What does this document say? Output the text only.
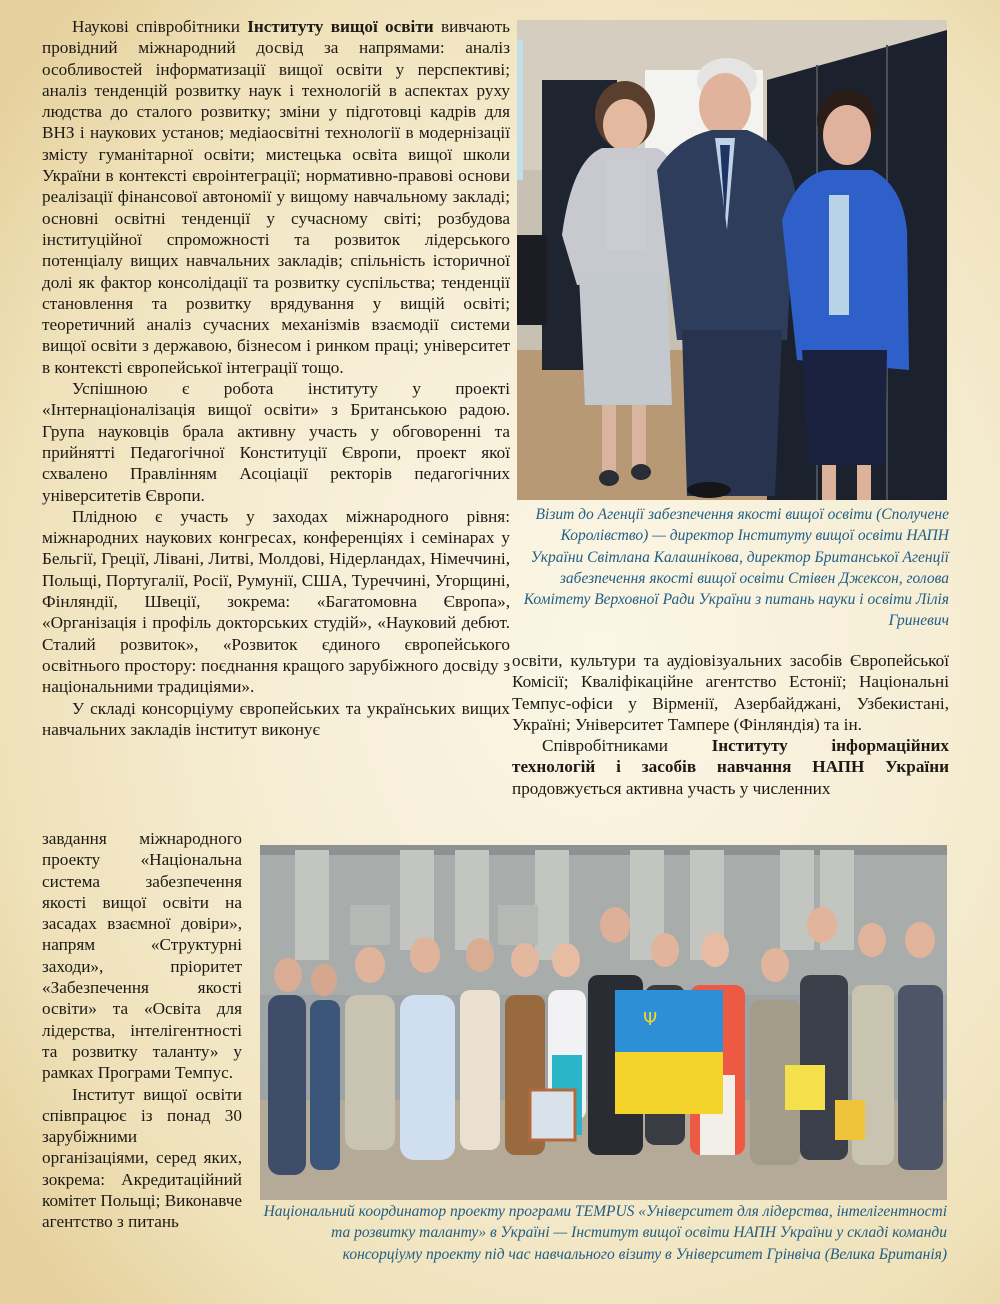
Наукові співробітники Інституту вищої освіти вивчають провідний міжнародний досвід за напрямами: аналіз особливостей інформатизації вищої освіти у перспективі; аналіз тенденцій розвитку наук і технологій в аспектах руху людства до сталого розвитку; зміни у підготовці кадрів для ВНЗ і наукових установ; медіаосвітні технології в модернізації змісту гуманітарної освіти; мистецька освіта вищої школи України в контексті євроінтеграції; нормативно-правові основи реалізації фінансової автономії у вищому навчальному закладі; основні освітні тенденції у сучасному світі; розбудова інституційної спроможності та розвиток лідерського потенціалу вищих навчальних закладів; спільність історичної долі як фактор консолідації та розвитку суспільства; тенденції становлення та розвитку врядування у вищій освіті; теоретичний аналіз сучасних механізмів взаємодії системи вищої освіти з державою, бізнесом і ринком праці; університет в контексті європейської інтеграції тощо.

Успішною є робота інституту у проекті «Інтернаціоналізація вищої освіти» з Британською радою. Група науковців брала активну участь у обговоренні та прийнятті Педагогічної Конституції Європи, проект якої схвалено Правлінням Асоціації ректорів педагогічних університетів Європи.

Плідною є участь у заходах міжнародного рівня: міжнародних наукових конгресах, конференціях і семінарах у Бельгії, Греції, Лівані, Литві, Молдові, Нідерландах, Німеччині, Польщі, Португалії, Росії, Румунії, США, Туреччині, Угорщині, Фінляндії, Швеції, зокрема: «Багатомовна Європа», «Організація і профіль докторських студій», «Науковий дебют. Сталий розвиток», «Розвиток єдиного європейського освітнього простору: поєднання кращого зарубіжного досвіду з національними традиціями».

У складі консорціуму європейських та українських вищих навчальних закладів інститут виконує

завдання міжнародного проекту «Національна система забезпечення якості вищої освіти на засадах взаємної довіри», напрям «Структурні заходи», пріоритет «Забезпечення якості освіти» та «Освіта для лідерства, інтелігентності та розвитку таланту» у рамках Програми Темпус.

Інститут вищої освіти співпрацює із понад 30 зарубіжними організаціями, серед яких, зокрема: Акредитаційний комітет Польщі; Виконавче агентство з питань

освіти, культури та аудіовізуальних засобів Європейської Комісії; Кваліфікаційне агентство Естонії; Національні Темпус-офіси у Вірменії, Азербайджані, Узбекистані, Україні; Університет Тампере (Фінляндія) та ін.

Співробітниками Інституту інформаційних технологій і засобів навчання НАПН України продовжується активна участь у численних

Візит до Агенції забезпечення якості вищої освіти (Сполучене Королівство) — директор Інституту вищої освіти НАПН України Світлана Калашнікова, директор Британської Агенції забезпечення якості вищої освіти Стівен Джексон, голова Комітету Верховної Ради України з питань науки і освіти Лілія Гриневич
Ψ
Національний координатор проекту програми TEMPUS «Університет для лідерства, інтелігентності та розвитку таланту» в Україні — Інститут вищої освіти НАПН України у складі команди консорціуму проекту під час навчального візиту в Університет Грінвіча (Велика Британія)
